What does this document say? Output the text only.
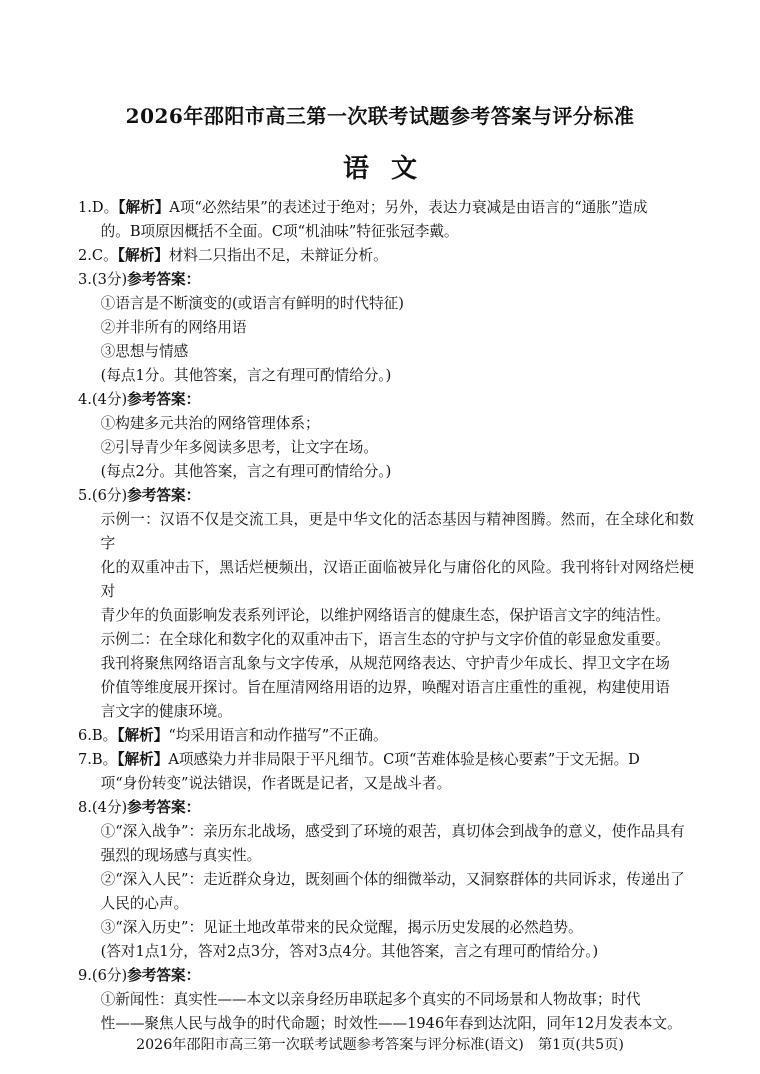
2026年邵阳市高三第一次联考试题参考答案与评分标准
语文
1.D。【解析】A项“必然结果”的表述过于绝对；另外，表达力衰减是由语言的“通胀”造成
的。B项原因概括不全面。C项“机油味”特征张冠李戴。
2.C。【解析】材料二只指出不足，未辩证分析。
3.(3分)参考答案：
①语言是不断演变的(或语言有鲜明的时代特征)
②并非所有的网络用语
③思想与情感
(每点1分。其他答案，言之有理可酌情给分。)
4.(4分)参考答案：
①构建多元共治的网络管理体系；
②引导青少年多阅读多思考，让文字在场。
(每点2分。其他答案，言之有理可酌情给分。)
5.(6分)参考答案：
示例一：汉语不仅是交流工具，更是中华文化的活态基因与精神图腾。然而，在全球化和数字
化的双重冲击下，黑话烂梗频出，汉语正面临被异化与庸俗化的风险。我刊将针对网络烂梗对
青少年的负面影响发表系列评论，以维护网络语言的健康生态，保护语言文字的纯洁性。
示例二：在全球化和数字化的双重冲击下，语言生态的守护与文字价值的彰显愈发重要。
我刊将聚焦网络语言乱象与文字传承，从规范网络表达、守护青少年成长、捍卫文字在场
价值等维度展开探讨。旨在厘清网络用语的边界，唤醒对语言庄重性的重视，构建使用语
言文字的健康环境。
6.B。【解析】“均采用语言和动作描写”不正确。
7.B。【解析】A项感染力并非局限于平凡细节。C项“苦难体验是核心要素”于文无据。D
项“身份转变”说法错误，作者既是记者，又是战斗者。
8.(4分)参考答案：
①“深入战争”：亲历东北战场，感受到了环境的艰苦，真切体会到战争的意义，使作品具有
强烈的现场感与真实性。
②“深入人民”：走近群众身边，既刻画个体的细微举动，又洞察群体的共同诉求，传递出了
人民的心声。
③“深入历史”：见证土地改革带来的民众觉醒，揭示历史发展的必然趋势。
(答对1点1分，答对2点3分，答对3点4分。其他答案，言之有理可酌情给分。)
9.(6分)参考答案：
①新闻性：真实性——本文以亲身经历串联起多个真实的不同场景和人物故事；时代
性——聚焦人民与战争的时代命题；时效性——1946年春到达沈阳，同年12月发表本文。
2026年邵阳市高三第一次联考试题参考答案与评分标准(语文)　第1页(共5页)
